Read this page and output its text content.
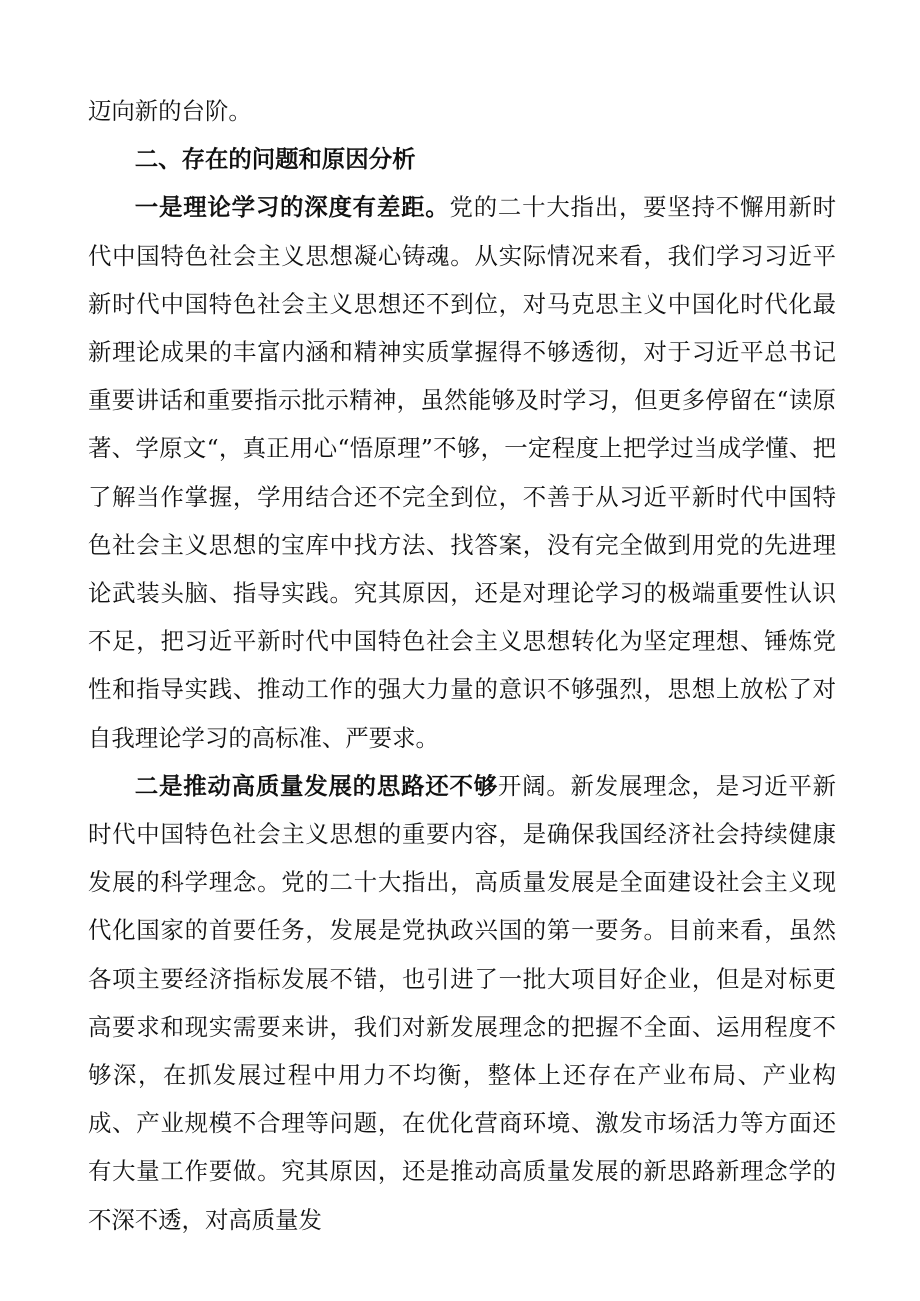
迈向新的台阶。

二、存在的问题和原因分析

一是理论学习的深度有差距。党的二十大指出，要坚持不懈用新时代中国特色社会主义思想凝心铸魂。从实际情况来看，我们学习习近平新时代中国特色社会主义思想还不到位，对马克思主义中国化时代化最新理论成果的丰富内涵和精神实质掌握得不够透彻，对于习近平总书记重要讲话和重要指示批示精神，虽然能够及时学习，但更多停留在“读原著、学原文“，真正用心“悟原理”不够，一定程度上把学过当成学懂、把了解当作掌握，学用结合还不完全到位，不善于从习近平新时代中国特色社会主义思想的宝库中找方法、找答案，没有完全做到用党的先进理论武装头脑、指导实践。究其原因，还是对理论学习的极端重要性认识不足，把习近平新时代中国特色社会主义思想转化为坚定理想、锤炼党性和指导实践、推动工作的强大力量的意识不够强烈，思想上放松了对自我理论学习的高标准、严要求。

二是推动高质量发展的思路还不够开阔。新发展理念，是习近平新时代中国特色社会主义思想的重要内容，是确保我国经济社会持续健康发展的科学理念。党的二十大指出，高质量发展是全面建设社会主义现代化国家的首要任务，发展是党执政兴国的第一要务。目前来看，虽然各项主要经济指标发展不错，也引进了一批大项目好企业，但是对标更高要求和现实需要来讲，我们对新发展理念的把握不全面、运用程度不够深，在抓发展过程中用力不均衡，整体上还存在产业布局、产业构成、产业规模不合理等问题，在优化营商环境、激发市场活力等方面还有大量工作要做。究其原因，还是推动高质量发展的新思路新理念学的不深不透，对高质量发
